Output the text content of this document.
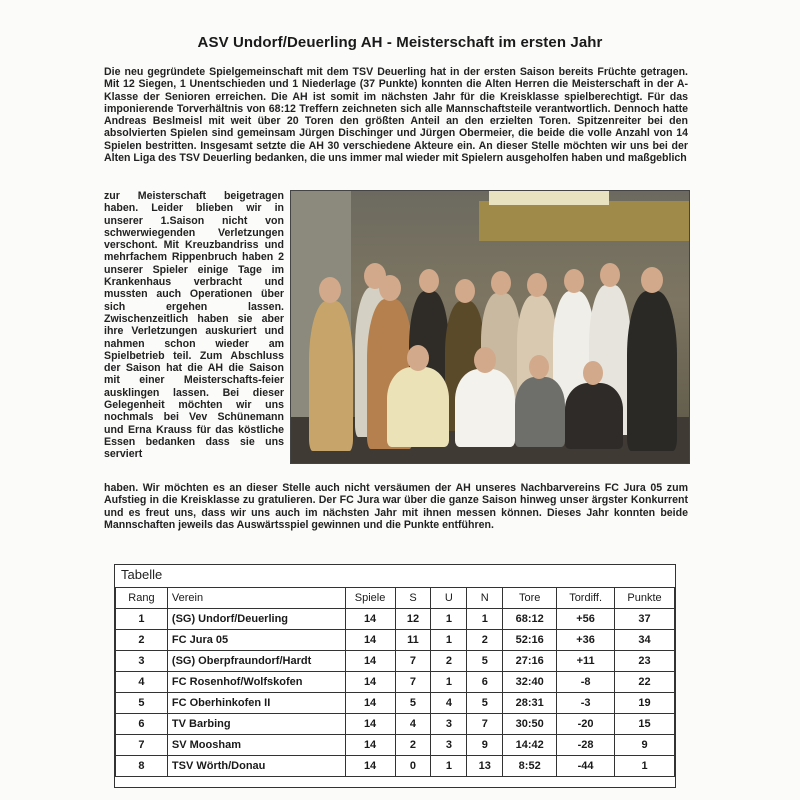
ASV Undorf/Deuerling AH - Meisterschaft im ersten Jahr
Die neu gegründete Spielgemeinschaft mit dem TSV Deuerling hat in der ersten Saison bereits Früchte getragen. Mit 12 Siegen, 1 Unentschieden und 1 Niederlage (37 Punkte) konnten die Alten Herren die Meisterschaft in der A-Klasse der Senioren erreichen. Die AH ist somit im nächsten Jahr für die Kreisklasse spielberechtigt. Für das imponierende Torverhältnis von 68:12 Treffern zeichneten sich alle Mannschaftsteile verantwortlich. Dennoch hatte Andreas Beslmeisl mit weit über 20 Toren den größten Anteil an den erzielten Toren. Spitzenreiter bei den absolvierten Spielen sind gemeinsam Jürgen Dischinger und Jürgen Obermeier, die beide die volle Anzahl von 14 Spielen bestritten. Insgesamt setzte die AH 30 verschiedene Akteure ein. An dieser Stelle möchten wir uns bei der Alten Liga des TSV Deuerling bedanken, die uns immer mal wieder mit Spielern ausgeholfen haben und maßgeblich
zur Meisterschaft beigetragen haben. Leider blieben wir in unserer 1.Saison nicht von schwerwiegenden Verletzungen verschont. Mit Kreuzbandriss und mehrfachem Rippenbruch haben 2 unserer Spieler einige Tage im Krankenhaus verbracht und mussten auch Operationen über sich ergehen lassen. Zwischenzeitlich haben sie aber ihre Verletzungen auskuriert und nahmen schon wieder am Spielbetrieb teil. Zum Abschluss der Saison hat die AH die Saison mit einer Meisterschafts-feier ausklingen lassen. Bei dieser Gelegenheit möchten wir uns nochmals bei Vev Schünemann und Erna Krauss für das köstliche Essen bedanken dass sie uns serviert
haben. Wir möchten es an dieser Stelle auch nicht versäumen der AH unseres Nachbarvereins FC Jura 05 zum Aufstieg in die Kreisklasse zu gratulieren. Der FC Jura war über die ganze Saison hinweg unser ärgster Konkurrent und es freut uns, dass wir uns auch im nächsten Jahr mit ihnen messen können. Dieses Jahr konnten beide Mannschaften jeweils das Auswärtsspiel gewinnen und die Punkte entführen.
Tabelle
Rang	Verein	Spiele	S	U	N	Tore	Tordiff.	Punkte
1	(SG) Undorf/Deuerling	14	12	1	1	68:12	+56	37
2	FC Jura 05	14	11	1	2	52:16	+36	34
3	(SG) Oberpfraundorf/Hardt	14	7	2	5	27:16	+11	23
4	FC Rosenhof/Wolfskofen	14	7	1	6	32:40	-8	22
5	FC Oberhinkofen II	14	5	4	5	28:31	-3	19
6	TV Barbing	14	4	3	7	30:50	-20	15
7	SV Moosham	14	2	3	9	14:42	-28	9
8	TSV Wörth/Donau	14	0	1	13	8:52	-44	1
